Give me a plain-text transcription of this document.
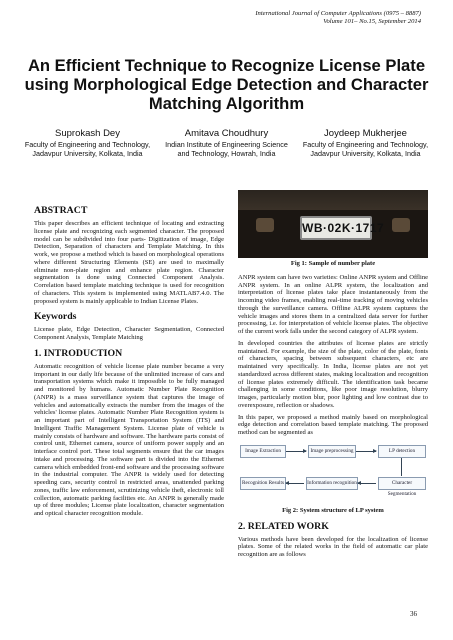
International Journal of Computer Applications (0975 – 8887)
Volume 101– No.15, September 2014
An Efficient Technique to Recognize License Plate using Morphological Edge Detection and Character Matching Algorithm
Suprokash Dey
Faculty of Engineering and Technology, Jadavpur University, Kolkata, India
Amitava Choudhury
Indian Institute of Engineering Science and Technology, Howrah, India
Joydeep Mukherjee
Faculty of Engineering and Technology, Jadavpur University, Kolkata, India
ABSTRACT
This paper describes an efficient technique of locating and extracting license plate and recognizing each segmented character. The proposed model can be subdivided into four parts- Digitization of image, Edge Detection, Separation of characters and Template Matching. In this work, we propose a method which is based on morphological operations where different Structuring Elements (SE) are used to maximally eliminate non-plate region and enhance plate region. Character segmentation is done using Connected Component Analysis. Correlation based template matching technique is used for recognition of characters. This system is implemented using MATLAB7.4.0. The proposed system is mainly applicable to Indian License Plates.
Keywords
License plate, Edge Detection, Character Segmentation, Connected Component Analysis, Template Matching
1. INTRODUCTION
Automatic recognition of vehicle license plate number became a very important in our daily life because of the unlimited increase of cars and transportation systems which make it impossible to be fully managed and monitored by humans. Automatic Number Plate Recognition (ANPR) is a mass surveillance system that captures the image of vehicles and automatically extracts the number from the images of the vehicles' license plates. Automatic Number Plate Recognition system is an important part of Intelligent Transportation System (ITS) and Intelligent Traffic Management System. License plate of vehicle is mainly consists of hardware and software. The hardware parts consist of control unit, Ethernet camera, source of uniform power supply and an interface control port. These total segments ensure that the car images intake and processing. The software part is divided into the Ethernet camera which embedded front-end software and the processing software in the industrial computer. The ANPR is widely used for detecting speeding cars, security control in restricted areas, unattended parking zones, traffic law enforcement, scrutinizing vehicle theft, electronic toll collection, automatic parking facilities etc. An ANPR is generally made up of three modules; License plate localization, character segmentation and optical character recognition module.
WB·02K·1717
Fig 1: Sample of number plate
ANPR system can have two varieties: Online ANPR system and Offline ANPR system. In an online ALPR system, the localization and interpretation of license plates take place instantaneously from the incoming video frames, enabling real-time tracking of moving vehicles through the surveillance camera. Offline ALPR system captures the vehicle images and stores them in a centralized data server for further processing, i.e. for interpretation of vehicle license plates. The objective of the current work falls under the second category of ALPR system.
In developed countries the attributes of license plates are strictly maintained. For example, the size of the plate, color of the plate, fonts of characters, spacing between subsequent characters, etc are maintained very specifically. In India, license plates are not yet standardized across different states, making localization and recognition of license plates extremely difficult. The identification task became challenging in some conditions, like poor image resolution, blurry images, particularly motion blur, poor lighting and low contrast due to overexposure, reflection or shadows.
In this paper, we proposed a method mainly based on morphological edge detection and correlation based template matching. The proposed method can be segmented as
Image Extraction	Image preprocessing	LP detection
Recognition Results	Information recognition	Character Segmentation
Fig 2: System structure of LP system
2. RELATED WORK
Various methods have been developed for the localization of license plates. Some of the related works in the field of automatic car plate recognition are as follows
36
